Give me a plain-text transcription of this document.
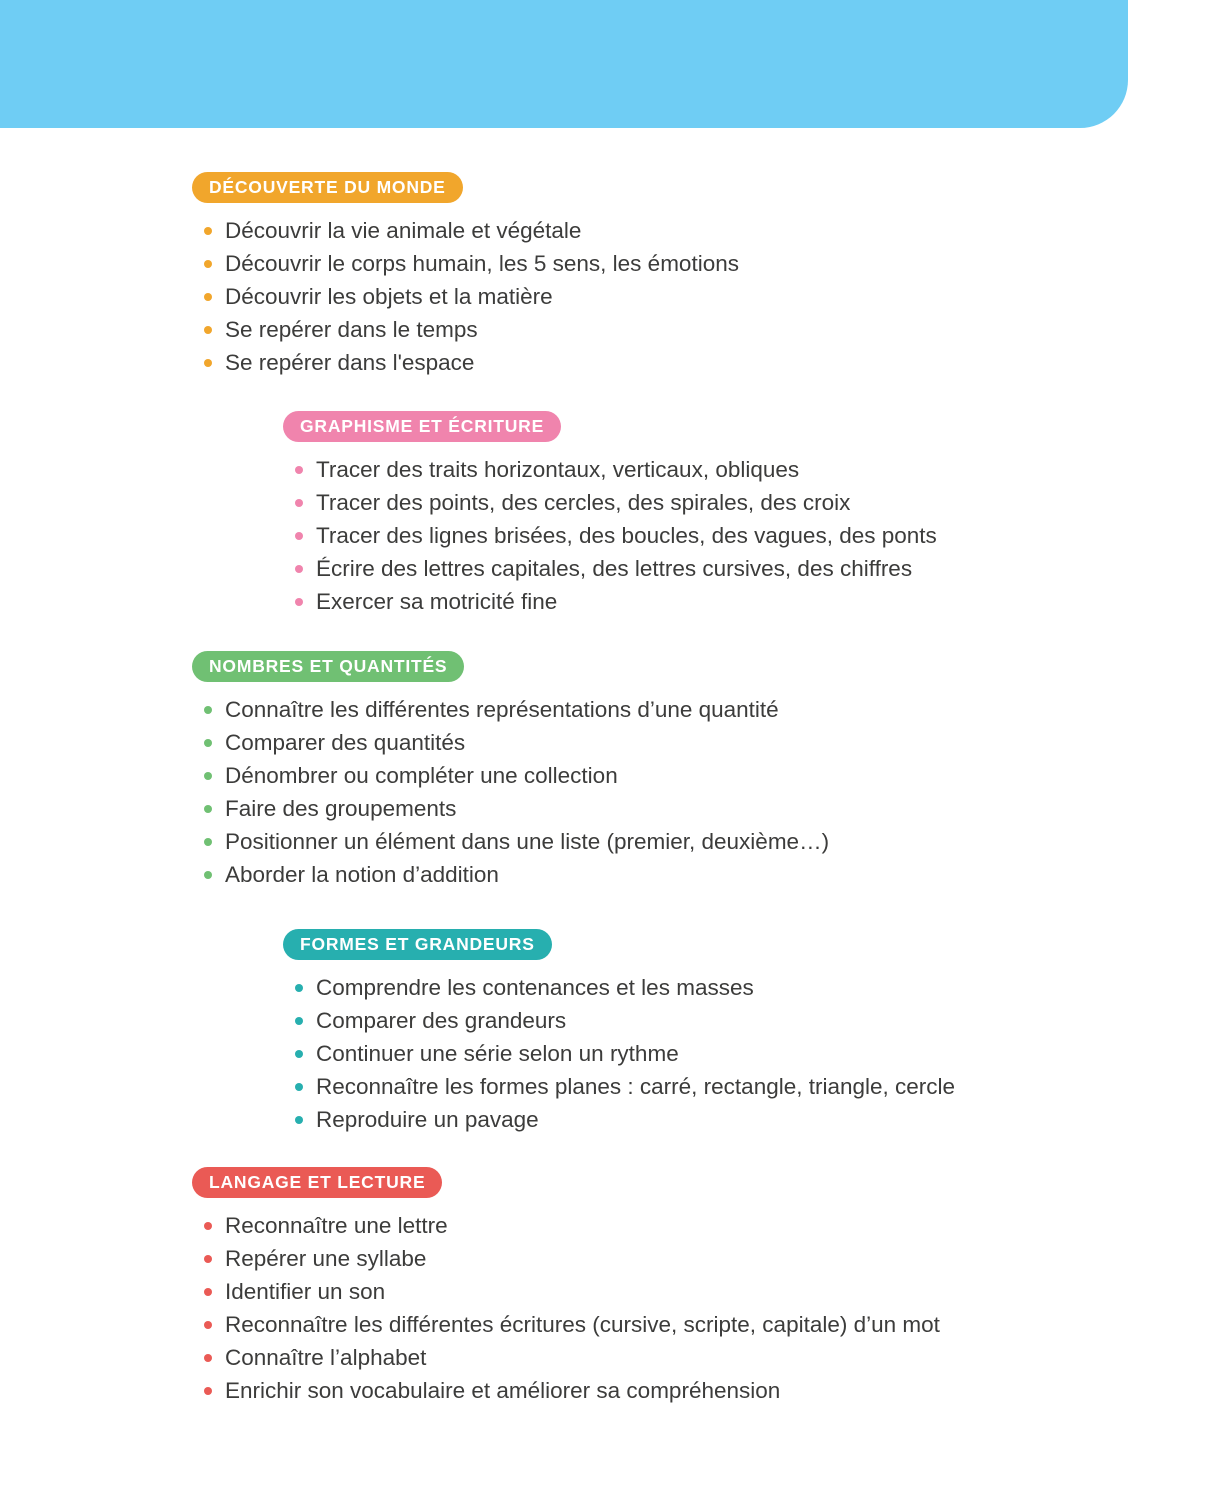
DÉCOUVERTE DU MONDE
Découvrir la vie animale et végétale
Découvrir le corps humain, les 5 sens, les émotions
Découvrir les objets et la matière
Se repérer dans le temps
Se repérer dans l'espace
GRAPHISME ET ÉCRITURE
Tracer des traits horizontaux, verticaux, obliques
Tracer des points, des cercles, des spirales, des croix
Tracer des lignes brisées, des boucles, des vagues, des ponts
Écrire des lettres capitales, des lettres cursives, des chiffres
Exercer sa motricité fine
NOMBRES ET QUANTITÉS
Connaître les différentes représentations d’une quantité
Comparer des quantités
Dénombrer ou compléter une collection
Faire des groupements
Positionner un élément dans une liste (premier, deuxième…)
Aborder la notion d’addition
FORMES ET GRANDEURS
Comprendre les contenances et les masses
Comparer des grandeurs
Continuer une série selon un rythme
Reconnaître les formes planes : carré, rectangle, triangle, cercle
Reproduire un pavage
LANGAGE ET LECTURE
Reconnaître une lettre
Repérer une syllabe
Identifier un son
Reconnaître les différentes écritures (cursive, scripte, capitale) d’un mot
Connaître l’alphabet
Enrichir son vocabulaire et améliorer sa compréhension
